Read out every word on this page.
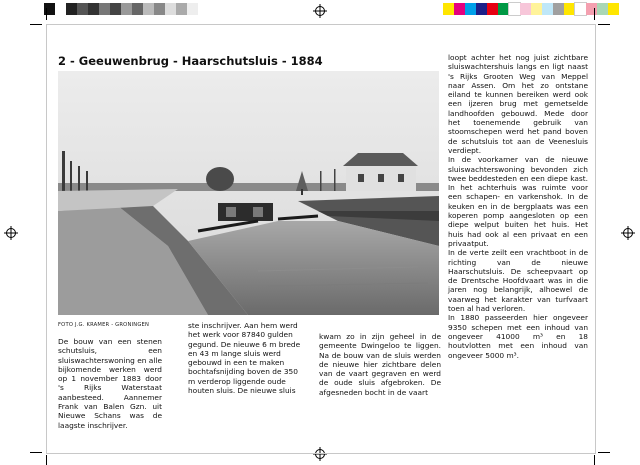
2 - Geeuwenbrug - Haarschutsluis - 1884
FOTO J.G. KRAMER - GRONINGEN

De bouw van een stenen schutsluis, een sluiswachterswoning en alle bijkomende werken werd op 1 november 1883 door 's Rijks Waterstaat aanbesteed. Aannemer Frank van Balen Gzn. uit Nieuwe Schans was de laagste inschrijver.

ste inschrijver. Aan hem werd het werk voor 87840 gulden gegund. De nieuwe 6 m brede en 43 m lange sluis werd gebouwd in een te maken bochtafsnijding boven de 350 m verderop liggende oude houten sluis. De nieuwe sluis

kwam zo in zijn geheel in de gemeente Dwingeloo te liggen. Na de bouw van de sluis werden de nieuwe hier zichtbare delen van de vaart gegraven en werd de oude sluis afgebroken. De afgesneden bocht in de vaart

loopt achter het nog juist zichtbare sluiswachtershuis langs en ligt naast 's Rijks Grooten Weg van Meppel naar Assen. Om het zo ontstane eiland te kunnen bereiken werd ook een ijzeren brug met gemetselde landhoofden gebouwd. Mede door het toenemende gebruik van stoomschepen werd het pand boven de schutsluis tot aan de Veenesluis verdiept.

In de voorkamer van de nieuwe sluiswachterswoning bevonden zich twee beddesteden en een diepe kast. In het achterhuis was ruimte voor een schapen- en varkenshok. In de keuken en in de bergplaats was een koperen pomp aangesloten op een diepe welput buiten het huis. Het huis had ook al een privaat en een privaatput.

In de verte zeilt een vrachtboot in de richting van de nieuwe Haarschutsluis. De scheepvaart op de Drentsche Hoofdvaart was in die jaren nog belangrijk, alhoewel de vaarweg het karakter van turfvaart toen al had verloren.

In 1880 passeerden hier ongeveer 9350 schepen met een inhoud van ongeveer 41000 m³ en 18 houtvlotten met een inhoud van ongeveer 5000 m³.
